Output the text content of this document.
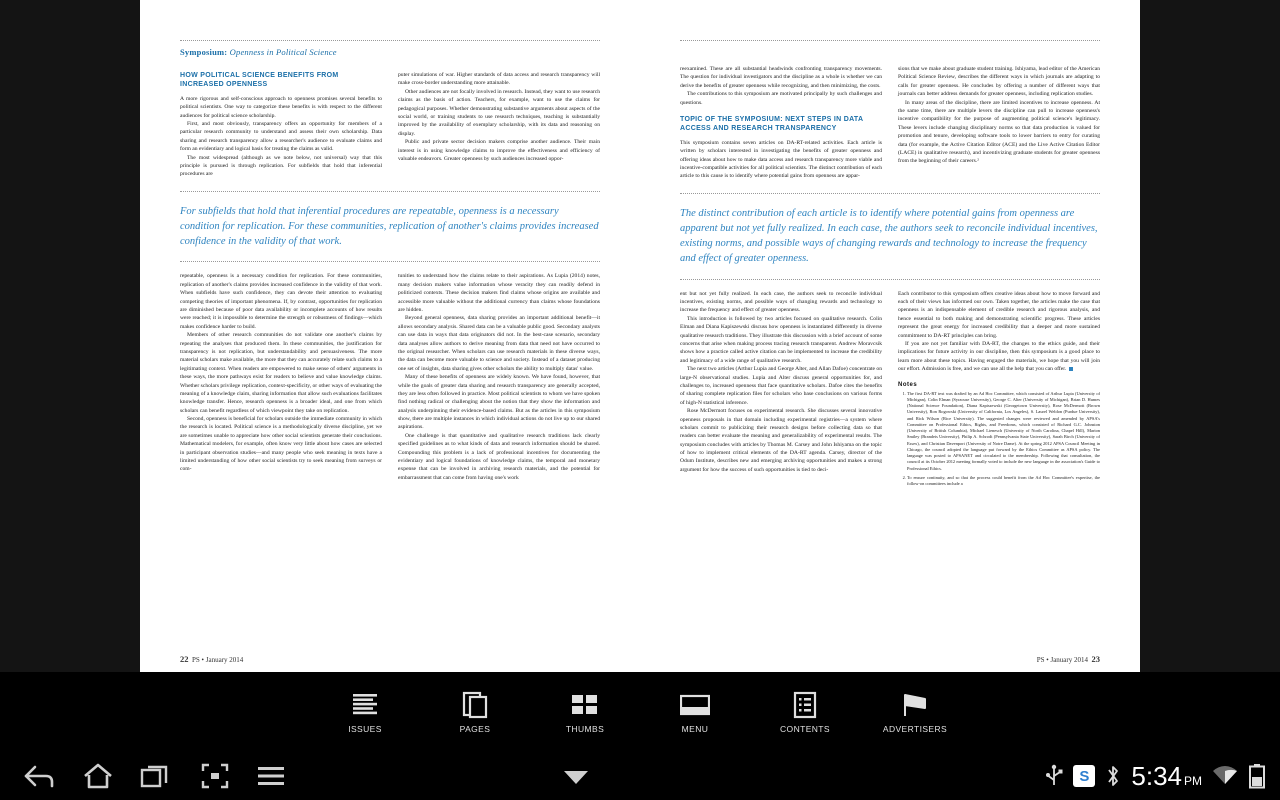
Symposium: Openness in Political Science
HOW POLITICAL SCIENCE BENEFITS FROM INCREASED OPENNESS

A more rigorous and self-conscious approach to openness promises several benefits to political scientists. One way to categorize these benefits is with respect to the different audiences for political science scholarship.

First, and most obviously, transparency offers an opportunity for members of a particular research community to understand and assess their own scholarship. Data sharing and research transparency allow a researcher's audience to evaluate claims and form an evidentiary and logical basis for treating the claims as valid.

The most widespread (although as we note below, not universal) way that this principle is pursued is through replication. For subfields that hold that inferential procedures are

puter simulations of war. Higher standards of data access and research transparency will make cross-border understanding more attainable.

Other audiences are not focally involved in research. Instead, they want to use research claims as the basis of action. Teachers, for example, want to use the claims for pedagogical purposes. Whether demonstrating substantive arguments about aspects of the social world, or training students to use research techniques, teaching is substantially improved by the availability of exemplary scholarship, with its data and reasoning on display.

Public and private sector decision makers comprise another audience. Their main interest is in using knowledge claims to improve the effectiveness and efficiency of valuable endeavors. Greater openness by such audiences increased oppor-

For subfields that hold that inferential procedures are repeatable, openness is a necessary condition for replication. For these communities, replication of another's claims provides increased confidence in the validity of that work.

repeatable, openness is a necessary condition for replication. For these communities, replication of another's claims provides increased confidence in the validity of that work. When subfields have such confidence, they can devote their attention to evaluating competing theories of important phenomena. If, by contrast, opportunities for replication are diminished because of poor data availability or incomplete accounts of how results were reached; it is impossible to determine the strength or robustness of findings—which makes confidence harder to build.

Members of other research communities do not validate one another's claims by repeating the analyses that produced them. In these communities, the justification for transparency is not replication, but understandability and persuasiveness. The more material scholars make available, the more that they can accurately relate such claims to a legitimating context. When readers are empowered to make sense of others' arguments in these ways, the more pathways exist for readers to believe and value knowledge claims. Whether scholars privilege replication, context-specificity, or other ways of evaluating the meaning of a knowledge claim, sharing information that allow such evaluations facilitates knowledge transfer. Hence, research openness is a broader ideal, and one from which scholars can benefit regardless of which viewpoint they take on replication.

Second, openness is beneficial for scholars outside the immediate community in which the research is located. Political science is a methodologically diverse discipline, yet we are sometimes unable to appreciate how other social scientists generate their conclusions. Mathematical modelers, for example, often know very little about how cases are selected in participant observation studies—and many people who seek meaning in texts have a limited understanding of how other social scientists try to seek meaning from surveys or com-

tunities to understand how the claims relate to their aspirations. As Lupia (2014) notes, many decision makers value information whose veracity they can readily defend in politicized contexts. These decision makers find claims whose origins are available and accessible more valuable without the additional currency than claims whose foundations are hidden.

Beyond general openness, data sharing provides an important additional benefit—it allows secondary analysis. Shared data can be a valuable public good. Secondary analysts can use data in ways that data originators did not. In the best-case scenario, secondary data analyses allow authors to derive meaning from data that need not have occurred to the original researcher. When scholars can use research materials in these diverse ways, the data can become more valuable to science and society. Instead of a dataset producing one set of insights, data sharing gives other scholars the ability to multiply datas' value.

Many of these benefits of openness are widely known. We have found, however, that while the goals of greater data sharing and research transparency are generally accepted, they are less often followed in practice. Most political scientists to whom we have spoken find nothing radical or challenging about the notion that they show the information and analysis underpinning their evidence-based claims. But as the articles in this symposium show, there are multiple instances in which individual actions do not live up to our shared aspirations.

One challenge is that quantitative and qualitative research traditions lack clearly specified guidelines as to what kinds of data and research information should be shared. Compounding this problem is a lack of professional incentives for documenting the evidentiary and logical foundations of knowledge claims, the temporal and monetary expense that can be involved in archiving research materials, and the potential for embarrassment that can come from having one's work

22 PS • January 2014

reexamined. These are all substantial headwinds confronting transparency movements. The question for individual investigators and the discipline as a whole is whether we can derive the benefits of greater openness while recognizing, and then minimizing, the costs.

The contributions to this symposium are motivated principally by such challenges and questions.

TOPIC OF THE SYMPOSIUM: NEXT STEPS IN DATA ACCESS AND RESEARCH TRANSPARENCY

This symposium contains seven articles on DA-RT-related activities. Each article is written by scholars interested in investigating the benefits of greater openness and offering ideas about how to make data access and research transparency more viable and incentive-compatible activities for all political scientists. The distinct contribution of each article to this cause is to identify where potential gains from openness are appar-

sions that we make about graduate student training. Ishiyama, lead editor of the American Political Science Review, describes the different ways in which journals are adapting to calls for greater openness. He concludes by offering a number of different ways that journals can better address demands for greater openness, including replication studies.

In many areas of the discipline, there are limited incentives to increase openness. At the same time, there are multiple levers the discipline can pull to increase openness's incentive compatibility for the purpose of augmenting political science's legitimacy. These levers include changing disciplinary norms so that data production is valued for promotion and tenure, developing software tools to lower barriers to entry for curating data (for example, the Active Citation Editor (ACE) and the Live Active Citation Editor (LACE) in qualitative research), and incentivizing graduate students for greater openness from the beginning of their careers.²

The distinct contribution of each article is to identify where potential gains from openness are apparent but not yet fully realized. In each case, the authors seek to reconcile individual incentives, existing norms, and possible ways of changing rewards and technology to increase the frequency and effect of greater openness.

ent but not yet fully realized. In each case, the authors seek to reconcile individual incentives, existing norms, and possible ways of changing rewards and technology to increase the frequency and effect of greater openness.

This introduction is followed by two articles focused on qualitative research. Colin Elman and Diana Kapiszewski discuss how openness is instantiated differently in diverse qualitative research traditions. They illustrate this discussion with a brief account of some concerns that arise when making process tracing research transparent. Andrew Moravcsik shows how a practice called active citation can be implemented to increase the credibility and legitimacy of a wide range of qualitative research.

The next two articles (Arthur Lupia and George Alter, and Allan Dafoe) concentrate on large-N observational studies. Lupia and Alter discuss general opportunities for, and challenges to, increased openness that face quantitative scholars. Dafoe cites the benefits of sharing complete replication files for scholars who base conclusions on various forms of high-N statistical inference.

Rose McDermott focuses on experimental research. She discusses several innovative openness proposals in that domain including experimental registries—a system where scholars commit to publicizing their research designs before collecting data so that readers can better evaluate the meaning and generalizability of experimental results. The symposium concludes with articles by Thomas M. Carsey and John Ishiyama on the topic of how to implement critical elements of the DA-RT agenda. Carsey, director of the Odum Institute, describes new and emerging archiving opportunities and makes a strong argument for how the success of such opportunities is tied to deci-

Each contributor to this symposium offers creative ideas about how to move forward and each of their views has informed our own. Taken together, the articles make the case that openness is an indispensable element of credible research and rigorous analysis, and hence essential to both making and demonstrating scientific progress. These articles represent the great energy for increased credibility that a deeper and more sustained commitment to DA-RT principles can bring.

If you are not yet familiar with DA-RT, the changes to the ethics guide, and their implications for future activity in our discipline, then this symposium is a good place to learn more about these topics. Having engaged the materials, we hope that you will join our effort. Admission is free, and we can use all the help that you can offer.

Notes
1. The first DA-RT text was drafted by an Ad Hoc Committee, which consisted of Arthur Lupia (University of Michigan), Colin Elman (Syracuse University), George C. Alter (University of Michigan), Brian D. Humes (National Science Foundation), Diana Kapiszewski (Georgetown University), Rose McDermott (Brown University), Ron Rogowski (University of California, Los Angeles), S. Laurel Weldon (Purdue University), and Rick Wilson (Rice University). The suggested changes were reviewed and amended by APSA's Committee on Professional Ethics, Rights, and Freedoms, which consisted of Richard G.C. Johnston (University of British Columbia), Michael Lienesch (University of North Carolina, Chapel Hill), Marion Smiley (Brandeis University), Philip A. Schrodt (Pennsylvania State University), Sarah Birch (University of Essex), and Christian Davenport (University of Notre Dame). At the spring 2012 APSA Council Meeting in Chicago, the council adopted the language put forward by the Ethics Committee as APSA policy. The language was posted to APSANET and circulated to the membership. Following that consultation, the council at its October 2012 meeting formally voted to include the new language in the association's Guide to Professional Ethics.
2. To ensure continuity, and so that the process could benefit from the Ad Hoc Committee's expertise, the follow-on committees include a
PS • January 2014 23
ISSUES	PAGES	THUMBS	MENU	CONTENTS	ADVERTISERS
S 5:34 PM
